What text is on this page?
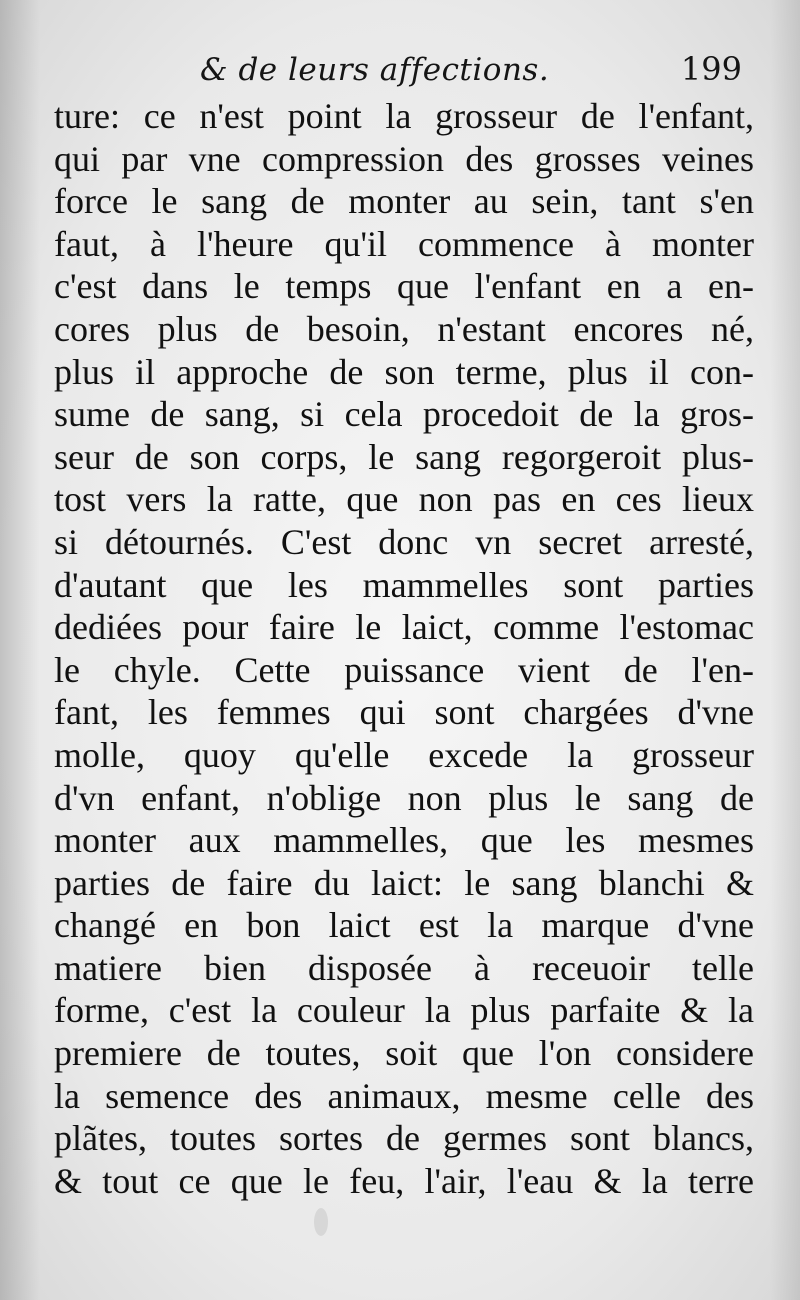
& de leurs affections.	199
ture: ce n'est point la grosseur de l'enfant,
qui par vne compression des grosses veines
force le sang de monter au sein, tant s'en
faut, à l'heure qu'il commence à monter
c'est dans le temps que l'enfant en a en-
cores plus de besoin, n'estant encores né,
plus il approche de son terme, plus il con-
sume de sang, si cela procedoit de la gros-
seur de son corps, le sang regorgeroit plus-
tost vers la ratte, que non pas en ces lieux
si détournés. C'est donc vn secret arresté,
d'autant que les mammelles sont parties
dediées pour faire le laict, comme l'estomac
le chyle. Cette puissance vient de l'en-
fant, les femmes qui sont chargées d'vne
molle, quoy qu'elle excede la grosseur
d'vn enfant, n'oblige non plus le sang de
monter aux mammelles, que les mesmes
parties de faire du laict: le sang blanchi &
changé en bon laict est la marque d'vne
matiere bien disposée à receuoir telle
forme, c'est la couleur la plus parfaite & la
premiere de toutes, soit que l'on considere
la semence des animaux, mesme celle des
plãtes, toutes sortes de germes sont blancs,
& tout ce que le feu, l'air, l'eau & la terre
